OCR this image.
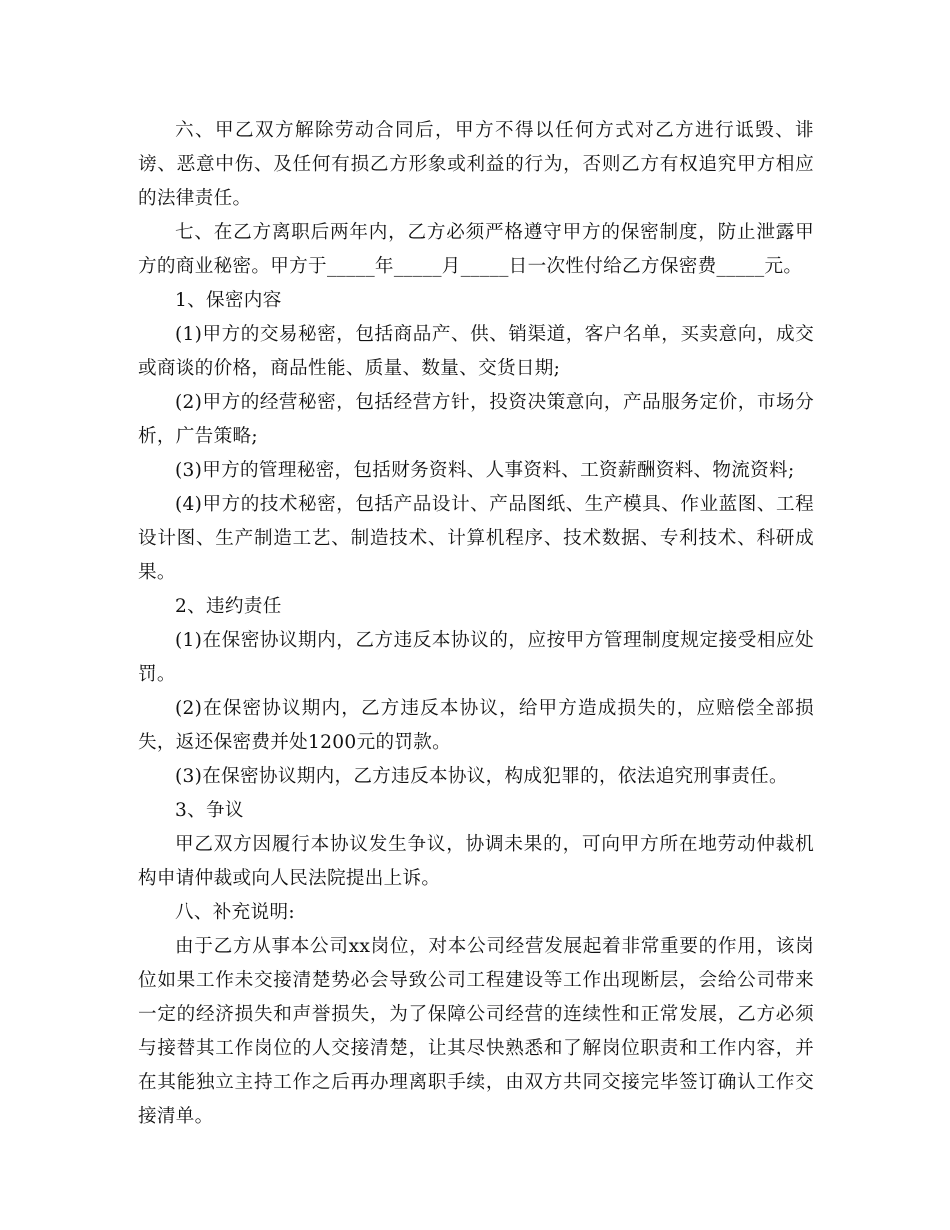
六、甲乙双方解除劳动合同后，甲方不得以任何方式对乙方进行诋毁、诽谤、恶意中伤、及任何有损乙方形象或利益的行为，否则乙方有权追究甲方相应的法律责任。

七、在乙方离职后两年内，乙方必须严格遵守甲方的保密制度，防止泄露甲方的商业秘密。甲方于_____年_____月_____日一次性付给乙方保密费_____元。

1、保密内容

(1)甲方的交易秘密，包括商品产、供、销渠道，客户名单，买卖意向，成交或商谈的价格，商品性能、质量、数量、交货日期;

(2)甲方的经营秘密，包括经营方针，投资决策意向，产品服务定价，市场分析，广告策略;

(3)甲方的管理秘密，包括财务资料、人事资料、工资薪酬资料、物流资料;

(4)甲方的技术秘密，包括产品设计、产品图纸、生产模具、作业蓝图、工程设计图、生产制造工艺、制造技术、计算机程序、技术数据、专利技术、科研成果。

2、违约责任

(1)在保密协议期内，乙方违反本协议的，应按甲方管理制度规定接受相应处罚。

(2)在保密协议期内，乙方违反本协议，给甲方造成损失的，应赔偿全部损失，返还保密费并处1200元的罚款。

(3)在保密协议期内，乙方违反本协议，构成犯罪的，依法追究刑事责任。

3、争议

甲乙双方因履行本协议发生争议，协调未果的，可向甲方所在地劳动仲裁机构申请仲裁或向人民法院提出上诉。

八、补充说明:

由于乙方从事本公司xx岗位，对本公司经营发展起着非常重要的作用，该岗位如果工作未交接清楚势必会导致公司工程建设等工作出现断层，会给公司带来一定的经济损失和声誉损失，为了保障公司经营的连续性和正常发展，乙方必须与接替其工作岗位的人交接清楚，让其尽快熟悉和了解岗位职责和工作内容，并在其能独立主持工作之后再办理离职手续，由双方共同交接完毕签订确认工作交接清单。
